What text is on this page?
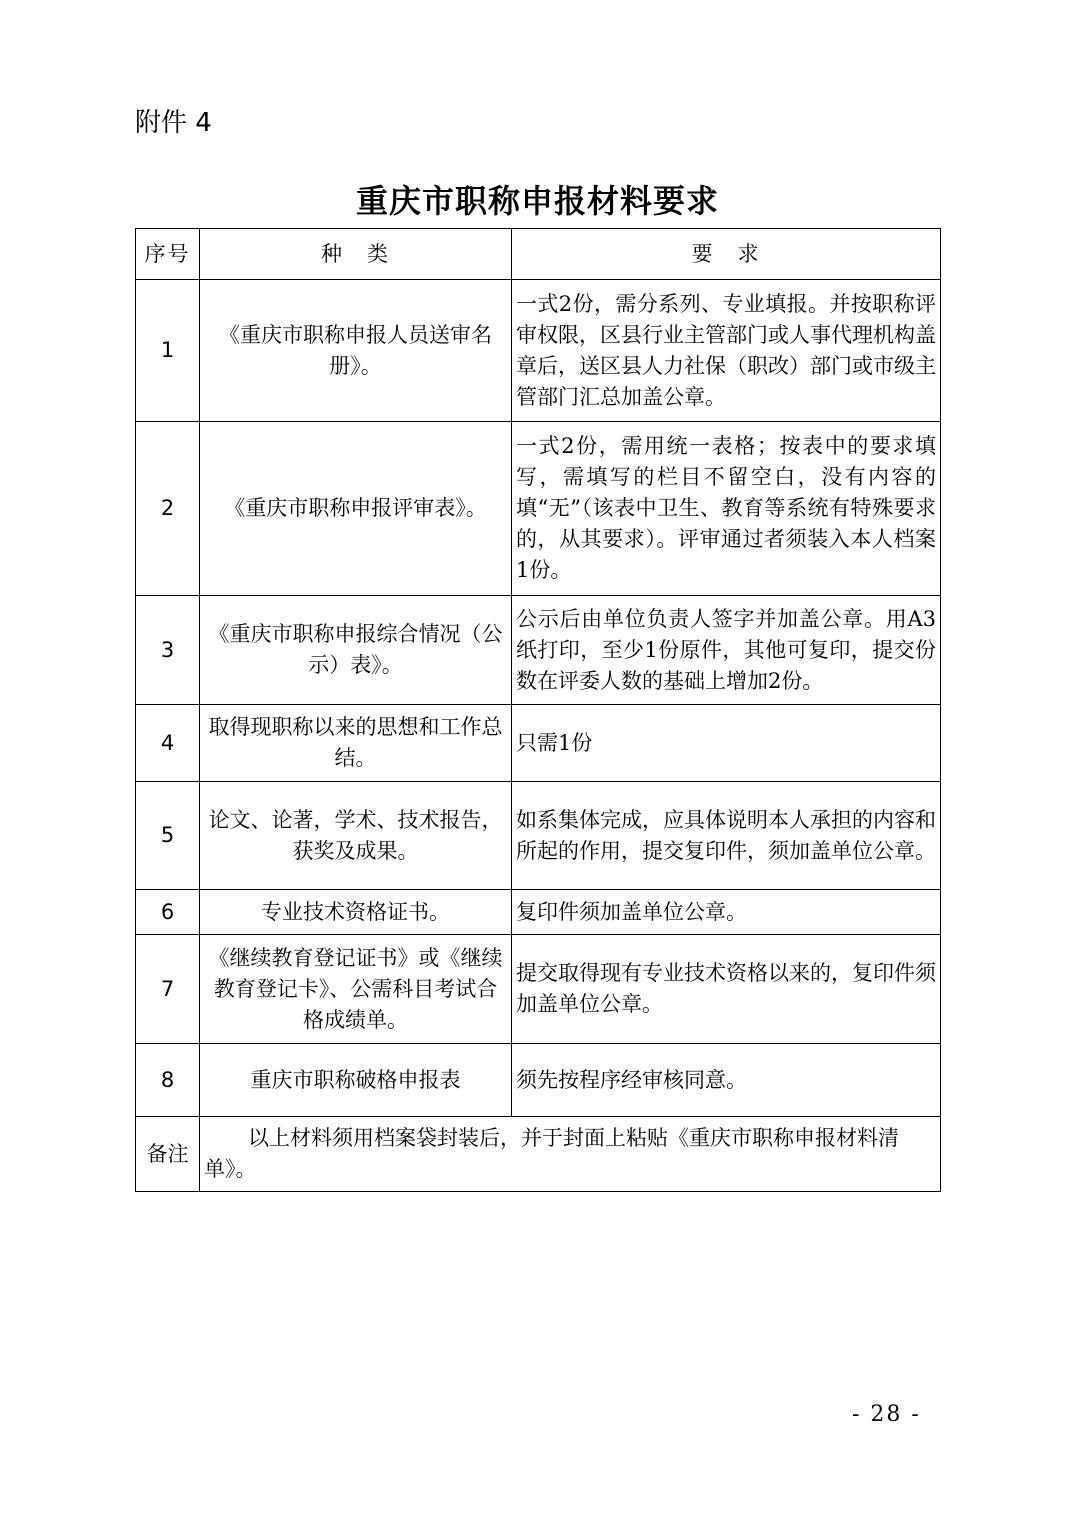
附件 4
重庆市职称申报材料要求
序号	种　类	要　求
1	《重庆市职称申报人员送审名册》。	一式2份，需分系列、专业填报。并按职称评审权限，区县行业主管部门或人事代理机构盖章后，送区县人力社保（职改）部门或市级主管部门汇总加盖公章。
2	《重庆市职称申报评审表》。	一式2份，需用统一表格；按表中的要求填写，需填写的栏目不留空白，没有内容的填“无”（该表中卫生、教育等系统有特殊要求的，从其要求）。评审通过者须装入本人档案1份。
3	《重庆市职称申报综合情况（公示）表》。	公示后由单位负责人签字并加盖公章。用A3纸打印，至少1份原件，其他可复印，提交份数在评委人数的基础上增加2份。
4	取得现职称以来的思想和工作总结。	只需1份
5	论文、论著，学术、技术报告，获奖及成果。	如系集体完成，应具体说明本人承担的内容和所起的作用，提交复印件，须加盖单位公章。
6	专业技术资格证书。	复印件须加盖单位公章。
7	《继续教育登记证书》或《继续教育登记卡》、公需科目考试合格成绩单。	提交取得现有专业技术资格以来的，复印件须加盖单位公章。
8	重庆市职称破格申报表	须先按程序经审核同意。
备注	以上材料须用档案袋封装后，并于封面上粘贴《重庆市职称申报材料清单》。	
- 28 -
